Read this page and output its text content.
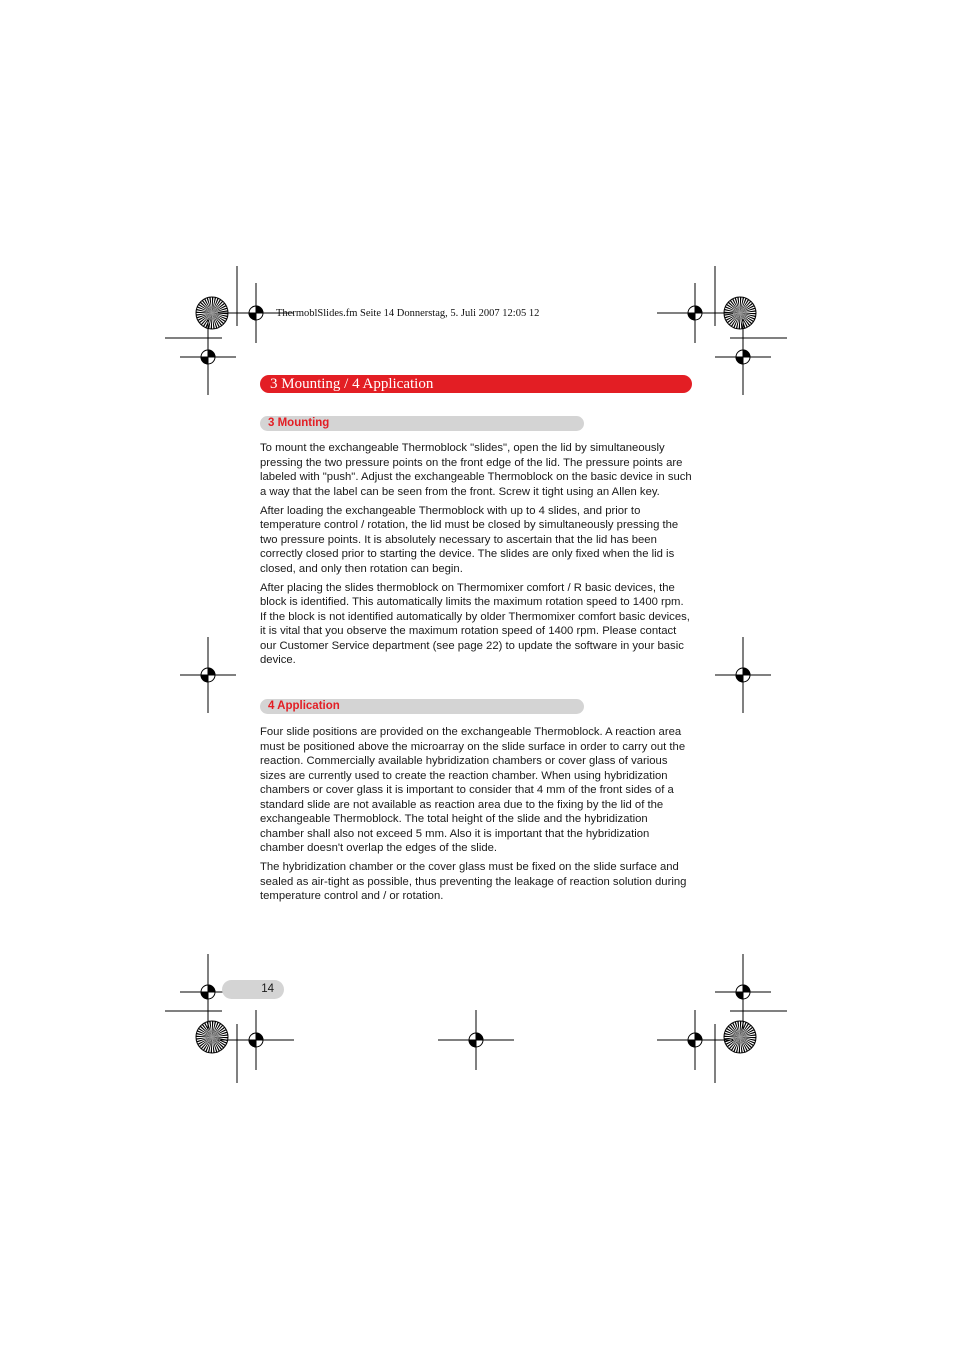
ThermoblSlides.fm Seite 14 Donnerstag, 5. Juli 2007 12:05 12
3 Mounting / 4 Application
3 Mounting

To mount the exchangeable Thermoblock "slides", open the lid by simultaneously pressing the two pressure points on the front edge of the lid. The pressure points are labeled with "push". Adjust the exchangeable Thermoblock on the basic device in such a way that the label can be seen from the front. Screw it tight using an Allen key.

After loading the exchangeable Thermoblock with up to 4 slides, and prior to temperature control / rotation, the lid must be closed by simultaneously pressing the two pressure points. It is absolutely necessary to ascertain that the lid has been correctly closed prior to starting the device. The slides are only fixed when the lid is closed, and only then rotation can begin.

After placing the slides thermoblock on Thermomixer comfort / R basic devices, the block is identified. This automatically limits the maximum rotation speed to 1400 rpm. If the block is not identified automatically by older Thermomixer comfort basic devices, it is vital that you observe the maximum rotation speed of 1400 rpm. Please contact our Customer Service department (see page 22) to update the software in your basic device.

4 Application

Four slide positions are provided on the exchangeable Thermoblock. A reaction area must be positioned above the microarray on the slide surface in order to carry out the reaction. Commercially available hybridization chambers or cover glass of various sizes are currently used to create the reaction chamber. When using hybridization chambers or cover glass it is important to consider that 4 mm of the front sides of a standard slide are not available as reaction area due to the fixing by the lid of the exchangeable Thermoblock. The total height of the slide and the hybridization chamber shall also not exceed 5 mm. Also it is important that the hybridization chamber doesn't overlap the edges of the slide.

The hybridization chamber or the cover glass must be fixed on the slide surface and sealed as air-tight as possible, thus preventing the leakage of reaction solution during temperature control and / or rotation.

14
